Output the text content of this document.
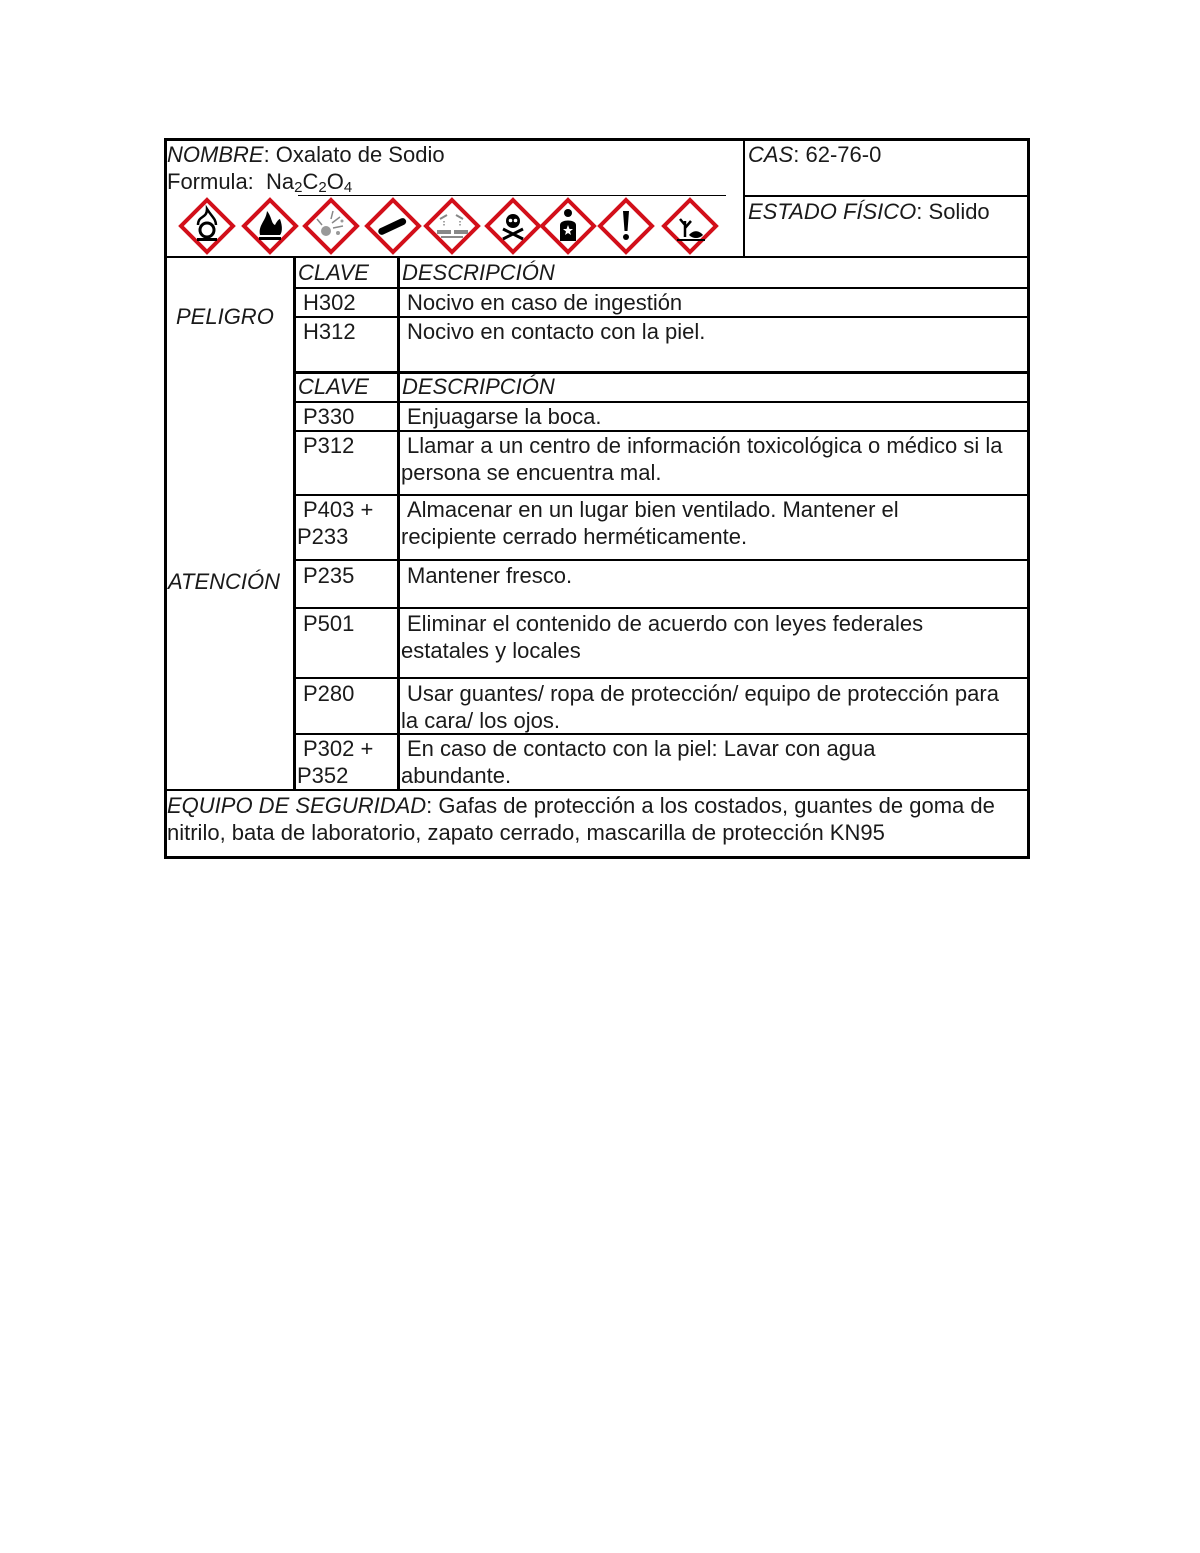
NOMBRE: Oxalato de Sodio
Formula: $Na_2C_2O_4$
CAS: 62-76-0
ESTADO FÍSICO: Solido
PELIGRO
CLAVE DESCRIPCIÓN
H302 Nocivo en caso de ingestión
H312 Nocivo en contacto con la piel.
ATENCIÓN
CLAVE DESCRIPCIÓN
P330 Enjuagarse la boca.
P312 Llamar a un centro de información toxicológica o médico si la persona se encuentra mal.
P403 + P233
Almacenar en un lugar bien ventilado. Mantener el recipiente cerrado herméticamente.
P235 Mantener fresco.
P501 Eliminar el contenido de acuerdo con leyes federales estatales y locales
P280 Usar guantes/ ropa de protección/ equipo de protección para la cara/ los ojos.
P302 + P352
En caso de contacto con la piel: Lavar con agua abundante.
EQUIPO DE SEGURIDAD: Gafas de protección a los costados, guantes de goma de nitrilo, bata de laboratorio, zapato cerrado, mascarilla de protección KN95
